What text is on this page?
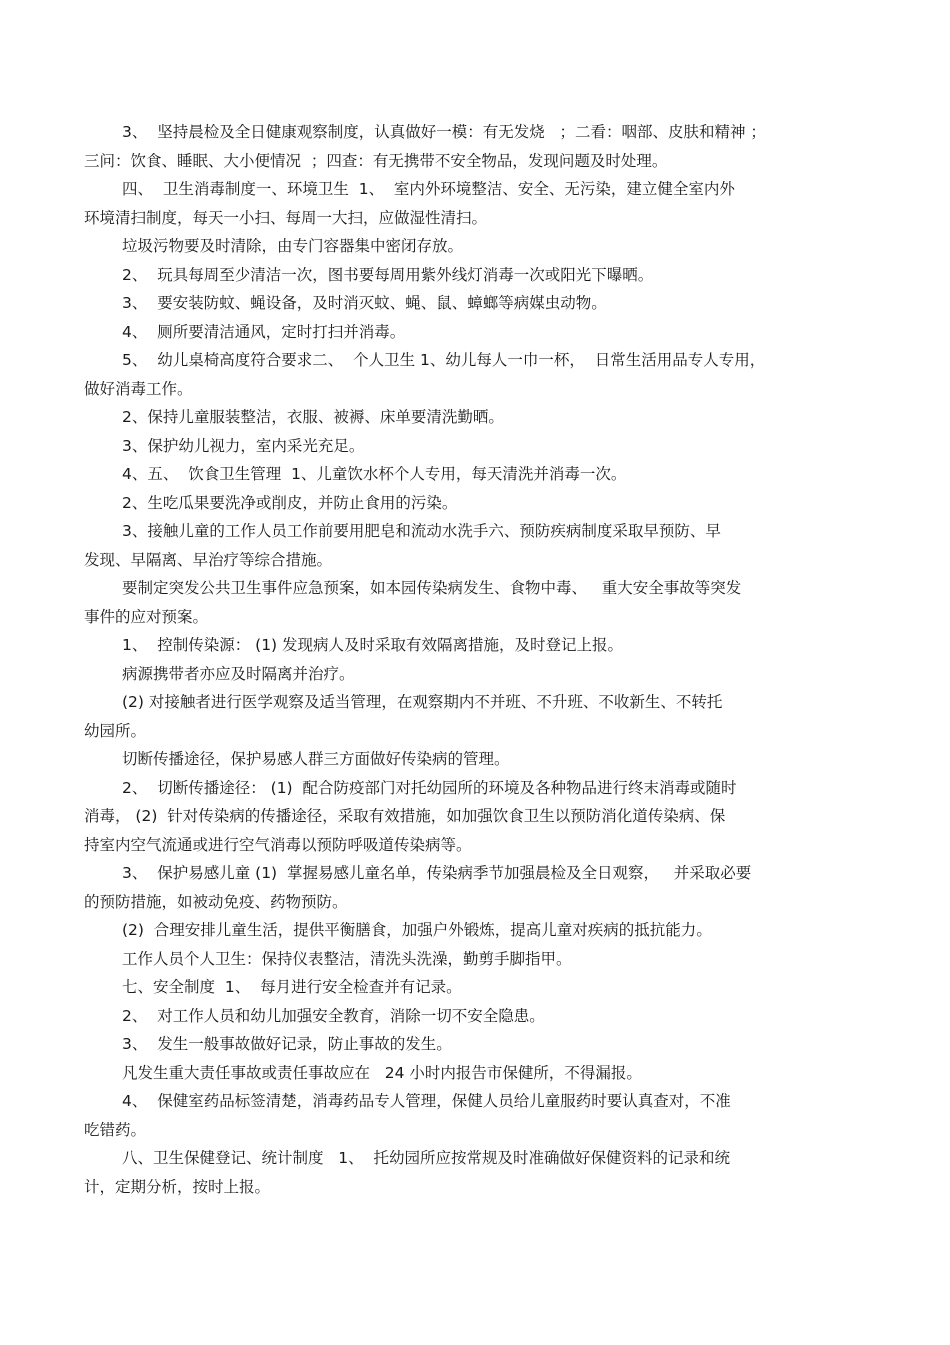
3、  坚持晨检及全日健康观察制度，认真做好一模：有无发烧   ；二看：咽部、皮肤和精神 ；
三问：饮食、睡眠、大小便情况  ；四查：有无携带不安全物品，发现问题及时处理。
四、  卫生消毒制度一、环境卫生  1、  室内外环境整洁、安全、无污染，建立健全室内外
环境清扫制度，每天一小扫、每周一大扫，应做湿性清扫。
垃圾污物要及时清除，由专门容器集中密闭存放。
2、  玩具每周至少清洁一次，图书要每周用紫外线灯消毒一次或阳光下曝晒。
3、  要安装防蚊、蝇设备，及时消灭蚊、蝇、鼠、蟑螂等病媒虫动物。
4、  厕所要清洁通风，定时打扫并消毒。
5、  幼儿桌椅高度符合要求二、  个人卫生 1、幼儿每人一巾一杯，  日常生活用品专人专用，
做好消毒工作。
2、保持儿童服装整洁，衣服、被褥、床单要清洗勤晒。
3、保护幼儿视力，室内采光充足。
4、五、  饮食卫生管理  1、儿童饮水杯个人专用，每天清洗并消毒一次。
2、生吃瓜果要洗净或削皮，并防止食用的污染。
3、接触儿童的工作人员工作前要用肥皂和流动水洗手六、预防疾病制度采取早预防、早
发现、早隔离、早治疗等综合措施。
要制定突发公共卫生事件应急预案，如本园传染病发生、食物中毒、   重大安全事故等突发
事件的应对预案。
1、  控制传染源： (1) 发现病人及时采取有效隔离措施，及时登记上报。
病源携带者亦应及时隔离并治疗。
(2) 对接触者进行医学观察及适当管理，在观察期内不并班、不升班、不收新生、不转托
幼园所。
切断传播途径，保护易感人群三方面做好传染病的管理。
2、  切断传播途径： (1)  配合防疫部门对托幼园所的环境及各种物品进行终末消毒或随时
消毒， (2)  针对传染病的传播途径，采取有效措施，如加强饮食卫生以预防消化道传染病、保
持室内空气流通或进行空气消毒以预防呼吸道传染病等。
3、  保护易感儿童 (1)  掌握易感儿童名单，传染病季节加强晨检及全日观察，   并采取必要
的预防措施，如被动免疫、药物预防。
(2)  合理安排儿童生活，提供平衡膳食，加强户外锻炼，提高儿童对疾病的抵抗能力。
工作人员个人卫生：保持仪表整洁，清洗头洗澡，勤剪手脚指甲。
七、安全制度  1、  每月进行安全检查并有记录。
2、  对工作人员和幼儿加强安全教育，消除一切不安全隐患。
3、  发生一般事故做好记录，防止事故的发生。
凡发生重大责任事故或责任事故应在   24 小时内报告市保健所，不得漏报。
4、  保健室药品标签清楚，消毒药品专人管理，保健人员给儿童服药时要认真查对，不准
吃错药。
八、卫生保健登记、统计制度   1、  托幼园所应按常规及时准确做好保健资料的记录和统
计，定期分析，按时上报。
